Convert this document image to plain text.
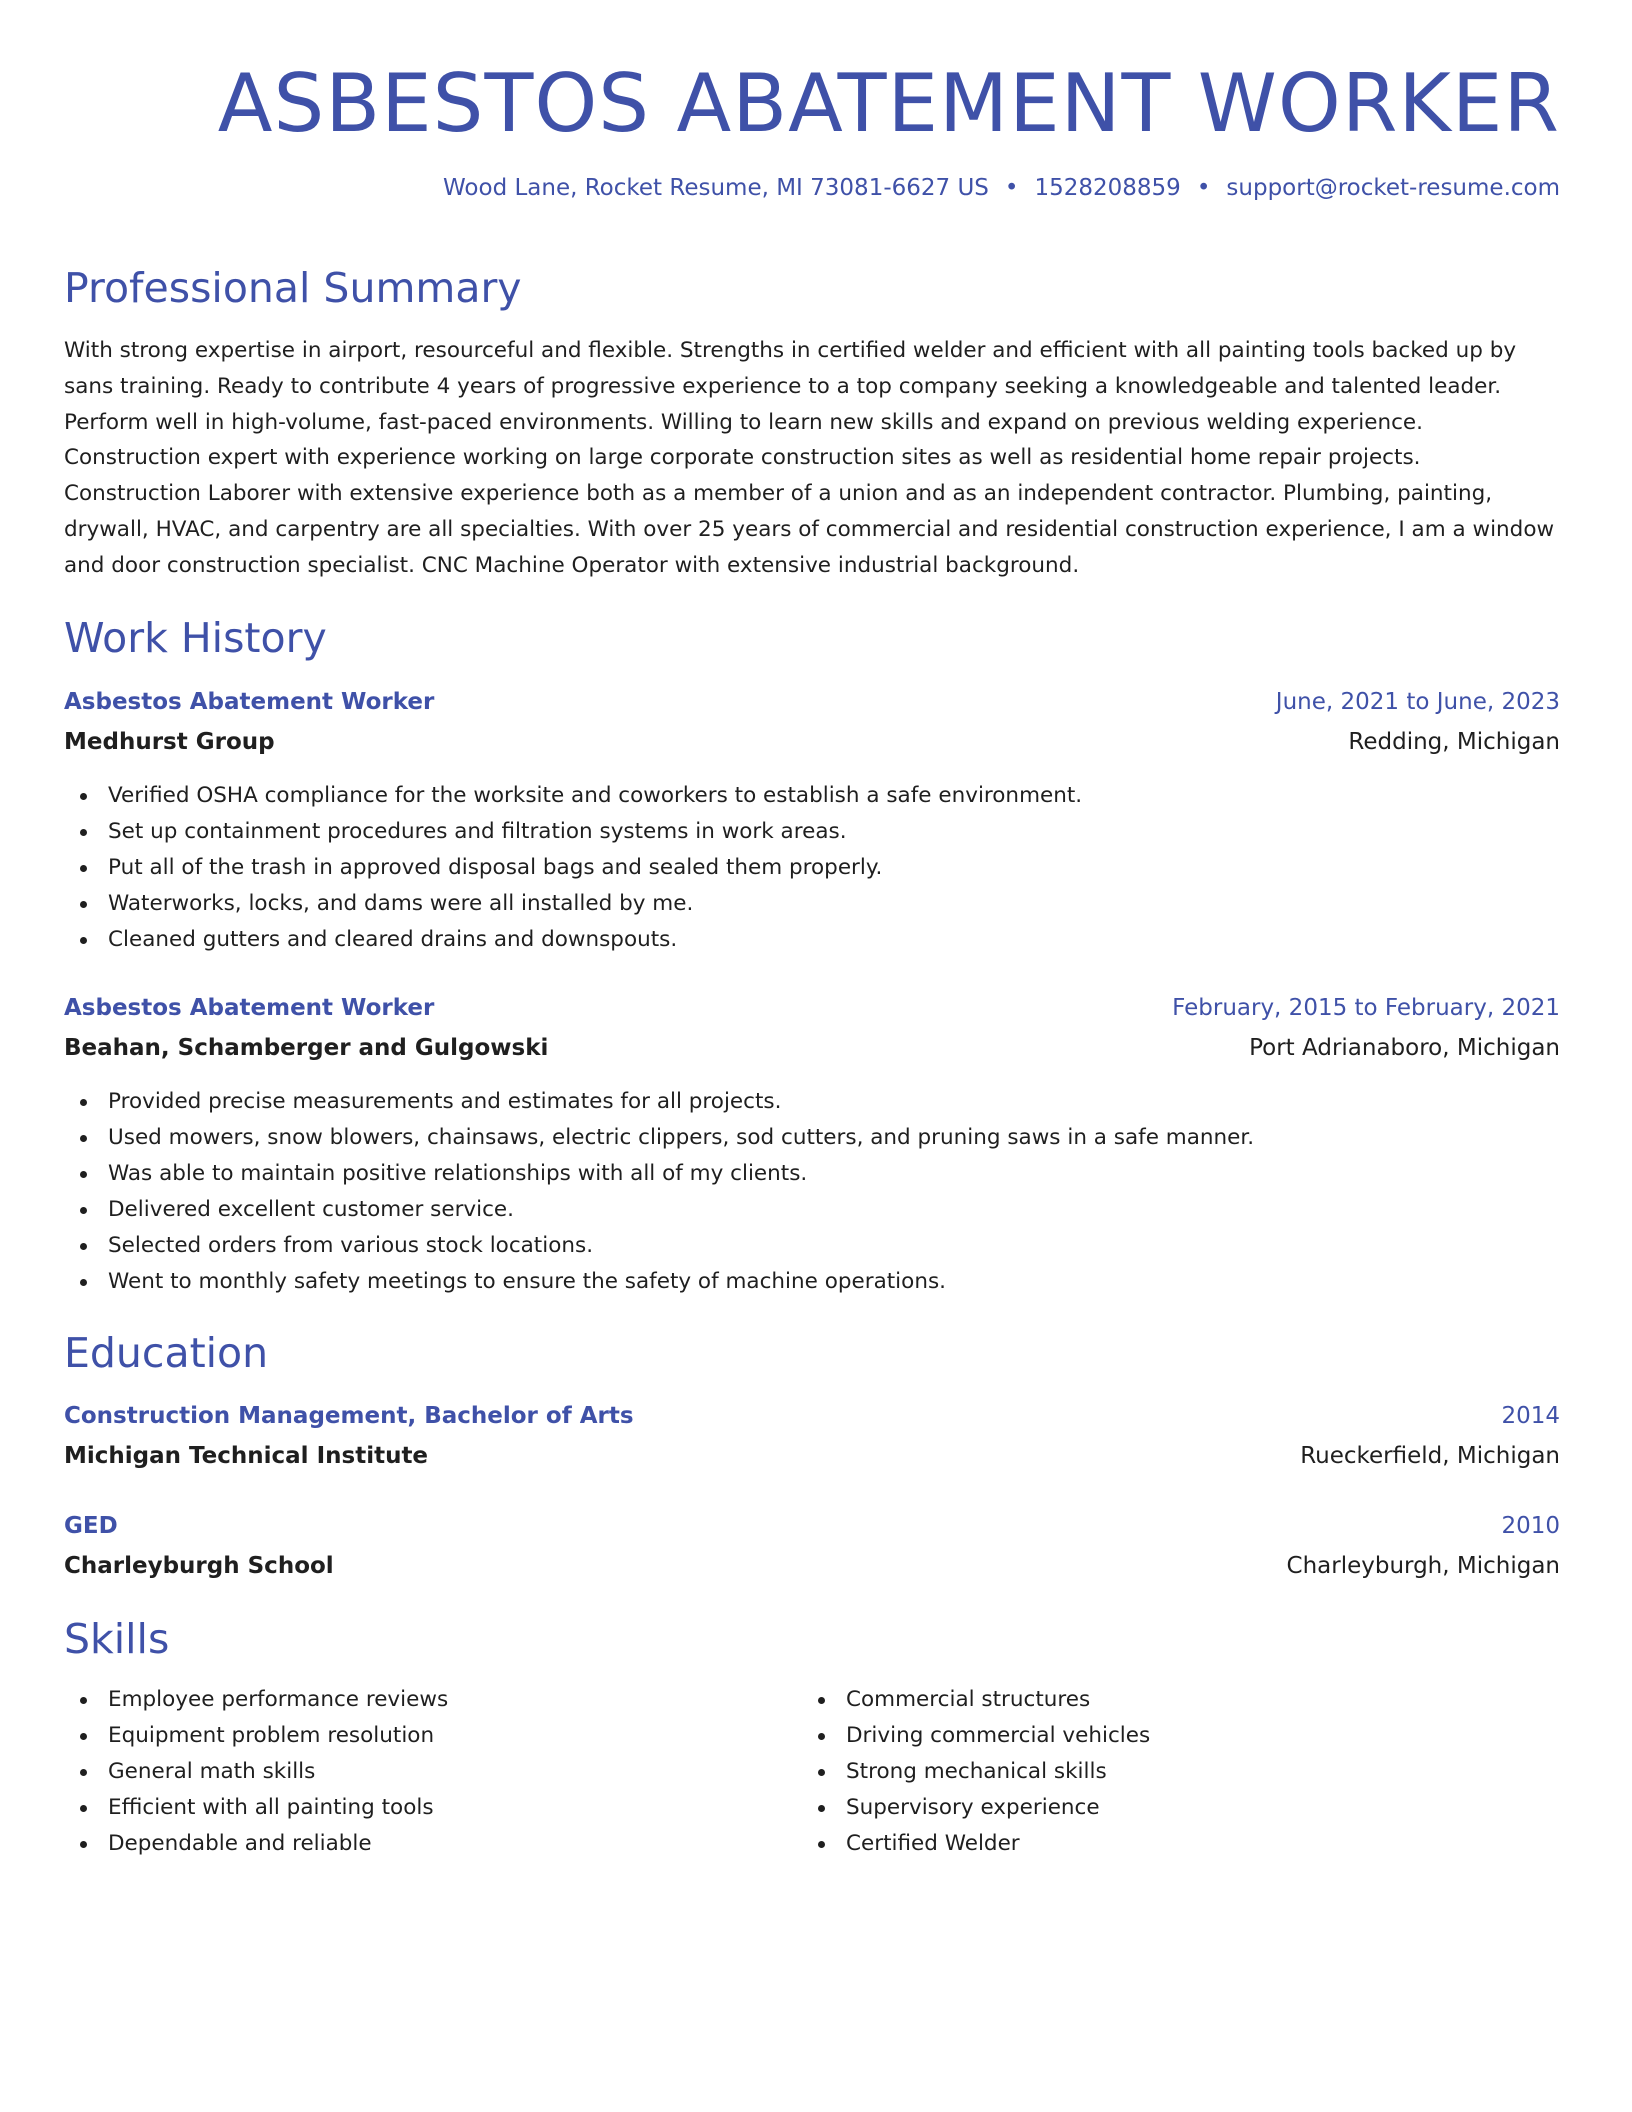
ASBESTOS ABATEMENT WORKER
Wood Lane, Rocket Resume, MI 73081-6627 US • 1528208859 • support@rocket-resume.com
Professional Summary
With strong expertise in airport, resourceful and flexible. Strengths in certified welder and efficient with all painting tools backed up by sans training. Ready to contribute 4 years of progressive experience to a top company seeking a knowledgeable and talented leader. Perform well in high-volume, fast-paced environments. Willing to learn new skills and expand on previous welding experience. Construction expert with experience working on large corporate construction sites as well as residential home repair projects. Construction Laborer with extensive experience both as a member of a union and as an independent contractor. Plumbing, painting, drywall, HVAC, and carpentry are all specialties. With over 25 years of commercial and residential construction experience, I am a window and door construction specialist. CNC Machine Operator with extensive industrial background.
Work History
Asbestos Abatement Worker	June, 2021 to June, 2023
Medhurst Group	Redding, Michigan
Verified OSHA compliance for the worksite and coworkers to establish a safe environment.
Set up containment procedures and filtration systems in work areas.
Put all of the trash in approved disposal bags and sealed them properly.
Waterworks, locks, and dams were all installed by me.
Cleaned gutters and cleared drains and downspouts.
Asbestos Abatement Worker	February, 2015 to February, 2021
Beahan, Schamberger and Gulgowski	Port Adrianaboro, Michigan
Provided precise measurements and estimates for all projects.
Used mowers, snow blowers, chainsaws, electric clippers, sod cutters, and pruning saws in a safe manner.
Was able to maintain positive relationships with all of my clients.
Delivered excellent customer service.
Selected orders from various stock locations.
Went to monthly safety meetings to ensure the safety of machine operations.
Education
Construction Management, Bachelor of Arts	2014
Michigan Technical Institute	Rueckerfield, Michigan
GED	2010
Charleyburgh School	Charleyburgh, Michigan
Skills
Employee performance reviews
Equipment problem resolution
General math skills
Efficient with all painting tools
Dependable and reliable
Commercial structures
Driving commercial vehicles
Strong mechanical skills
Supervisory experience
Certified Welder
